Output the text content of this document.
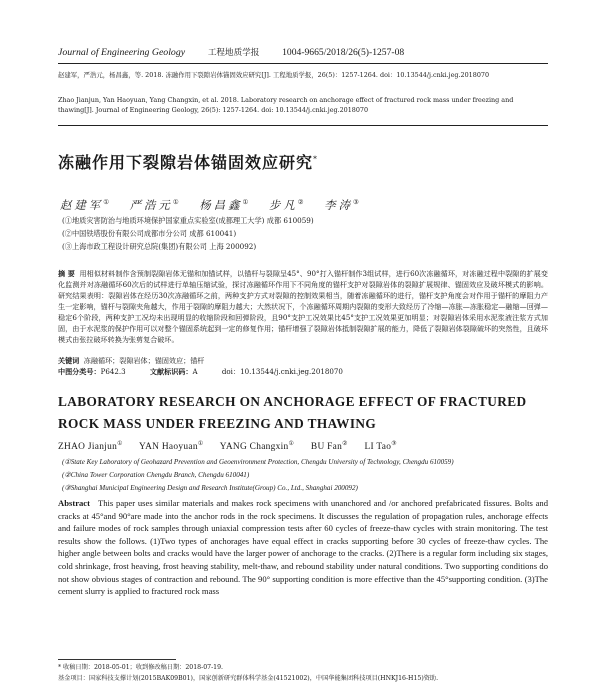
Journal of Engineering Geology	工程地质学报 1004-9665/2018/26(5)-1257-08

赵建军，严浩元，杨昌鑫，等. 2018. 冻融作用下裂隙岩体锚固效应研究[J]. 工程地质学报，26(5)：1257-1264. doi：10.13544/j.cnki.jeg.2018070

Zhao Jianjun, Yan Haoyuan, Yang Changxin, et al. 2018. Laboratory research on anchorage effect of fractured rock mass under freezing and thawing[J]. Journal of Engineering Geology, 26(5): 1257-1264. doi: 10.13544/j.cnki.jeg.2018070

冻融作用下裂隙岩体锚固效应研究*
赵建军① 严浩元① 杨昌鑫① 步凡② 李涛③

(①地质灾害防治与地质环境保护国家重点实验室(成都理工大学) 成都 610059)

(②中国铁塔股份有限公司成都市分公司 成都 610041)

(③上海市政工程设计研究总院(集团)有限公司 上海 200092)

摘 要 用相似材料制作含预制裂隙岩体无锚和加锚试样，以锚杆与裂隙呈45°、90°打入锚杆制作3组试样，进行60次冻融循环，对冻融过程中裂隙的扩展变化监测并对冻融循环60次后的试样进行单轴压缩试验，探讨冻融循环作用下不同角度的锚杆支护对裂隙岩体的裂隙扩展规律、锚固效应及破坏模式的影响。研究结果表明：裂隙岩体在经历30次冻融循环之前，两种支护方式对裂隙的控制效果相当，随着冻融循环的进行，锚杆支护角度会对作用于锚杆的摩阻力产生一定影响，锚杆与裂隙夹角越大，作用于裂隙的摩阻力越大；大然状况下，个冻融循环周期内裂隙的变形大致经历了冷缩—冻胀—冻胀稳定—融缩—回弹—稳定6个阶段，两种支护工况均未出现明显的收缩阶段和回弹阶段，且90°支护工况效果比45°支护工况效果更加明显；对裂隙岩体采用水泥浆液注浆方式加固，由于水泥浆的保护作用可以对整个锚固系统起到一定的修复作用；锚杆增强了裂隙岩体抵制裂隙扩展的能力，降低了裂隙岩体裂隙破坏的突然性，且破坏模式由张拉破坏转换为张剪复合破坏。
关键词 冻融循环；裂隙岩体；锚固效应；锚杆
中图分类号：P642.3	文献标识码：A	doi：10.13544/j.cnki.jeg.2018070
LABORATORY RESEARCH ON ANCHORAGE EFFECT OF FRACTURED ROCK MASS UNDER FREEZING AND THAWING
ZHAO Jianjun① YAN Haoyuan① YANG Changxin① BU Fan② LI Tao③

(①State Key Laboratory of Geohazard Prevention and Geoenvironment Protection, Chengdu University of Technology, Chengdu 610059)

(②China Tower Corporation Chengdu Branch, Chengdu 610041)

(③Shanghai Municipal Engineering Design and Research Institute(Group) Co., Ltd., Shanghai 200092)

Abstract This paper uses similar materials and makes rock specimens with unanchored and /or anchored prefabricated fissures. Bolts and cracks at 45°and 90°are made into the anchor rods in the rock specimens. It discusses the regulation of propagation rules, anchorage effects and failure modes of rock samples through uniaxial compression tests after 60 cycles of freeze-thaw cycles with strain monitoring. The test results show the follows. (1)Two types of anchorages have equal effect in cracks supporting before 30 cycles of freeze-thaw cycles. The higher angle between bolts and cracks would have the larger power of anchorage to the cracks. (2)There is a regular form including six stages, cold shrinkage, frost heaving, frost heaving stability, melt-thaw, and rebound stability under natural conditions. Two supporting conditions do not show obvious stages of contraction and rebound. The 90° supporting condition is more effective than the 45°supporting condition. (3)The cement slurry is applied to fractured rock mass

* 收稿日期：2018-05-01；收到修改稿日期：2018-07-19.

基金项目：国家科技支撑计划(2015BAK09B01)，国家创新研究群体科学基金(41521002)，中国华能集团科技项目(HNKJ16-H15)资助.
